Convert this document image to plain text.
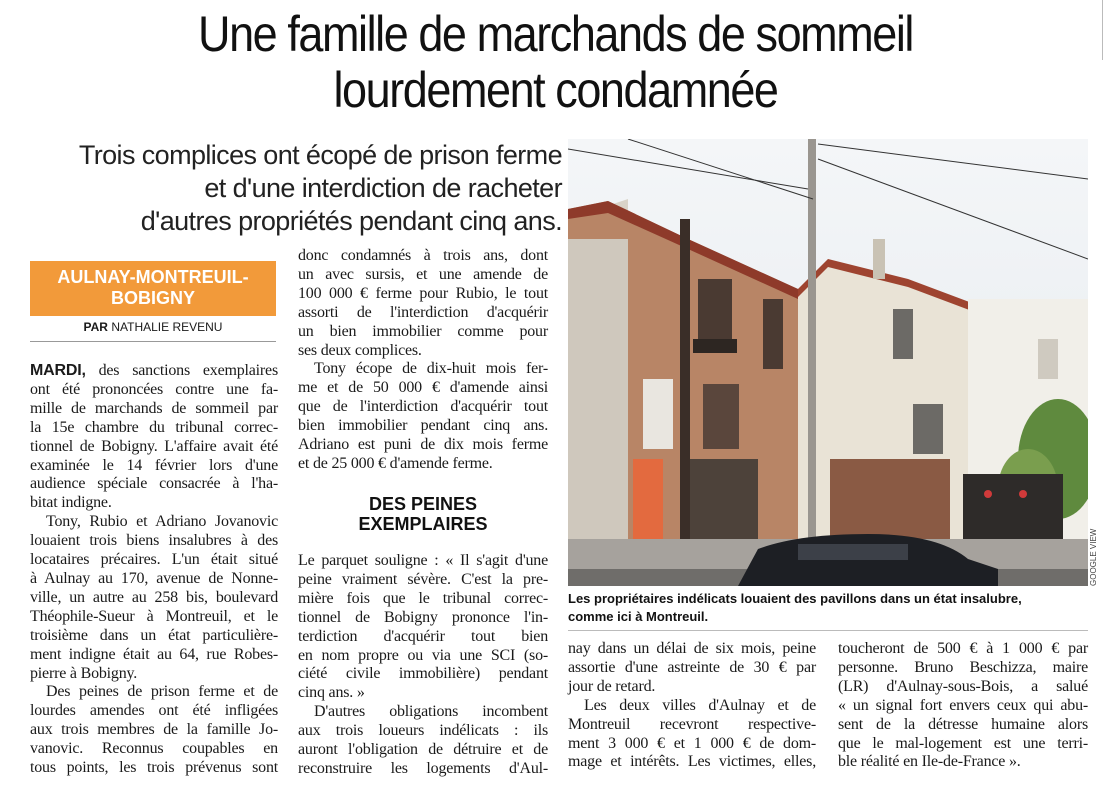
Une famille de marchands de sommeil
lourdement condamnée
Trois complices ont écopé de prison ferme
et d'une interdiction de racheter
d'autres propriétés pendant cinq ans.
AULNAY-MONTREUIL-
BOBIGNY
PAR NATHALIE REVENU
MARDI, des sanctions exemplaires
ont été prononcées contre une fa-
mille de marchands de sommeil par
la 15e chambre du tribunal correc-
tionnel de Bobigny. L'affaire avait été
examinée le 14 février lors d'une
audience spéciale consacrée à l'ha-
bitat indigne.
Tony, Rubio et Adriano Jovanovic
louaient trois biens insalubres à des
locataires précaires. L'un était situé
à Aulnay au 170, avenue de Nonne-
ville, un autre au 258 bis, boulevard
Théophile-Sueur à Montreuil, et le
troisième dans un état particulière-
ment indigne était au 64, rue Robes-
pierre à Bobigny.
Des peines de prison ferme et de
lourdes amendes ont été infligées
aux trois membres de la famille Jo-
vanovic. Reconnus coupables en
tous points, les trois prévenus sont
donc condamnés à trois ans, dont
un avec sursis, et une amende de
100 000 € ferme pour Rubio, le tout
assorti de l'interdiction d'acquérir
un bien immobilier comme pour
ses deux complices.
Tony écope de dix-huit mois fer-
me et de 50 000 € d'amende ainsi
que de l'interdiction d'acquérir tout
bien immobilier pendant cinq ans.
Adriano est puni de dix mois ferme
et de 25 000 € d'amende ferme.
DES PEINES
EXEMPLAIRES
Le parquet souligne : « Il s'agit d'une
peine vraiment sévère. C'est la pre-
mière fois que le tribunal correc-
tionnel de Bobigny prononce l'in-
terdiction d'acquérir tout bien
en nom propre ou via une SCI (so-
ciété civile immobilière) pendant
cinq ans. »
D'autres obligations incombent
aux trois loueurs indélicats : ils
auront l'obligation de détruire et de
reconstruire les logements d'Aul-
GOOGLE VIEW
Les propriétaires indélicats louaient des pavillons dans un état insalubre,
comme ici à Montreuil.
nay dans un délai de six mois, peine
assortie d'une astreinte de 30 € par
jour de retard.
Les deux villes d'Aulnay et de
Montreuil recevront respective-
ment 3 000 € et 1 000 € de dom-
mage et intérêts. Les victimes, elles,
toucheront de 500 € à 1 000 € par
personne. Bruno Beschizza, maire
(LR) d'Aulnay-sous-Bois, a salué
« un signal fort envers ceux qui abu-
sent de la détresse humaine alors
que le mal-logement est une terri-
ble réalité en Ile-de-France ».
